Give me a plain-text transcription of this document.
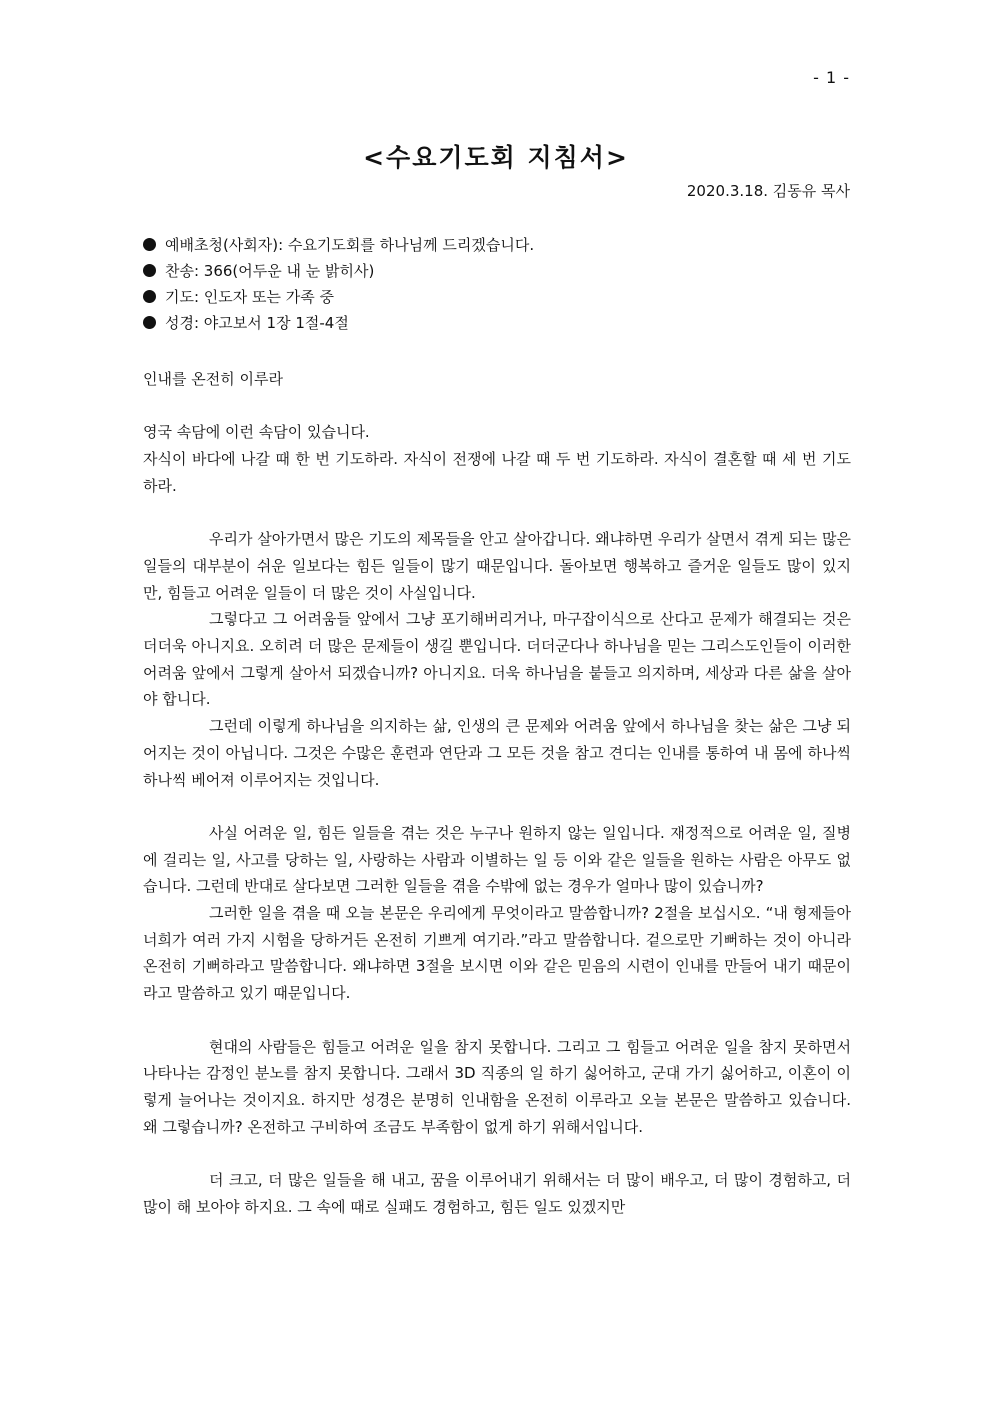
- 1 -
<수요기도회 지침서>
2020.3.18. 김동유 목사
예배초청(사회자): 수요기도회를 하나님께 드리겠습니다.
찬송: 366(어두운 내 눈 밝히사)
기도: 인도자 또는 가족 중
성경: 야고보서 1장 1절-4절

인내를 온전히 이루라

영국 속담에 이런 속담이 있습니다.

자식이 바다에 나갈 때 한 번 기도하라. 자식이 전쟁에 나갈 때 두 번 기도하라. 자식이 결혼할 때 세 번 기도하라.

우리가 살아가면서 많은 기도의 제목들을 안고 살아갑니다. 왜냐하면 우리가 살면서 겪게 되는 많은 일들의 대부분이 쉬운 일보다는 힘든 일들이 많기 때문입니다. 돌아보면 행복하고 즐거운 일들도 많이 있지만, 힘들고 어려운 일들이 더 많은 것이 사실입니다.

그렇다고 그 어려움들 앞에서 그냥 포기해버리거나, 마구잡이식으로 산다고 문제가 해결되는 것은 더더욱 아니지요. 오히려 더 많은 문제들이 생길 뿐입니다. 더더군다나 하나님을 믿는 그리스도인들이 이러한 어려움 앞에서 그렇게 살아서 되겠습니까? 아니지요. 더욱 하나님을 붙들고 의지하며, 세상과 다른 삶을 살아야 합니다.

그런데 이렇게 하나님을 의지하는 삶, 인생의 큰 문제와 어려움 앞에서 하나님을 찾는 삶은 그냥 되어지는 것이 아닙니다. 그것은 수많은 훈련과 연단과 그 모든 것을 참고 견디는 인내를 통하여 내 몸에 하나씩 하나씩 베어져 이루어지는 것입니다.

사실 어려운 일, 힘든 일들을 겪는 것은 누구나 원하지 않는 일입니다. 재정적으로 어려운 일, 질병에 걸리는 일, 사고를 당하는 일, 사랑하는 사람과 이별하는 일 등 이와 같은 일들을 원하는 사람은 아무도 없습니다. 그런데 반대로 살다보면 그러한 일들을 겪을 수밖에 없는 경우가 얼마나 많이 있습니까?

그러한 일을 겪을 때 오늘 본문은 우리에게 무엇이라고 말씀합니까? 2절을 보십시오. “내 형제들아 너희가 여러 가지 시험을 당하거든 온전히 기쁘게 여기라.”라고 말씀합니다. 겉으로만 기뻐하는 것이 아니라 온전히 기뻐하라고 말씀합니다. 왜냐하면 3절을 보시면 이와 같은 믿음의 시련이 인내를 만들어 내기 때문이라고 말씀하고 있기 때문입니다.

현대의 사람들은 힘들고 어려운 일을 참지 못합니다. 그리고 그 힘들고 어려운 일을 참지 못하면서 나타나는 감정인 분노를 참지 못합니다. 그래서 3D 직종의 일 하기 싫어하고, 군대 가기 싫어하고, 이혼이 이렇게 늘어나는 것이지요. 하지만 성경은 분명히 인내함을 온전히 이루라고 오늘 본문은 말씀하고 있습니다. 왜 그렇습니까? 온전하고 구비하여 조금도 부족함이 없게 하기 위해서입니다.

더 크고, 더 많은 일들을 해 내고, 꿈을 이루어내기 위해서는 더 많이 배우고, 더 많이 경험하고, 더 많이 해 보아야 하지요. 그 속에 때로 실패도 경험하고, 힘든 일도 있겠지만
